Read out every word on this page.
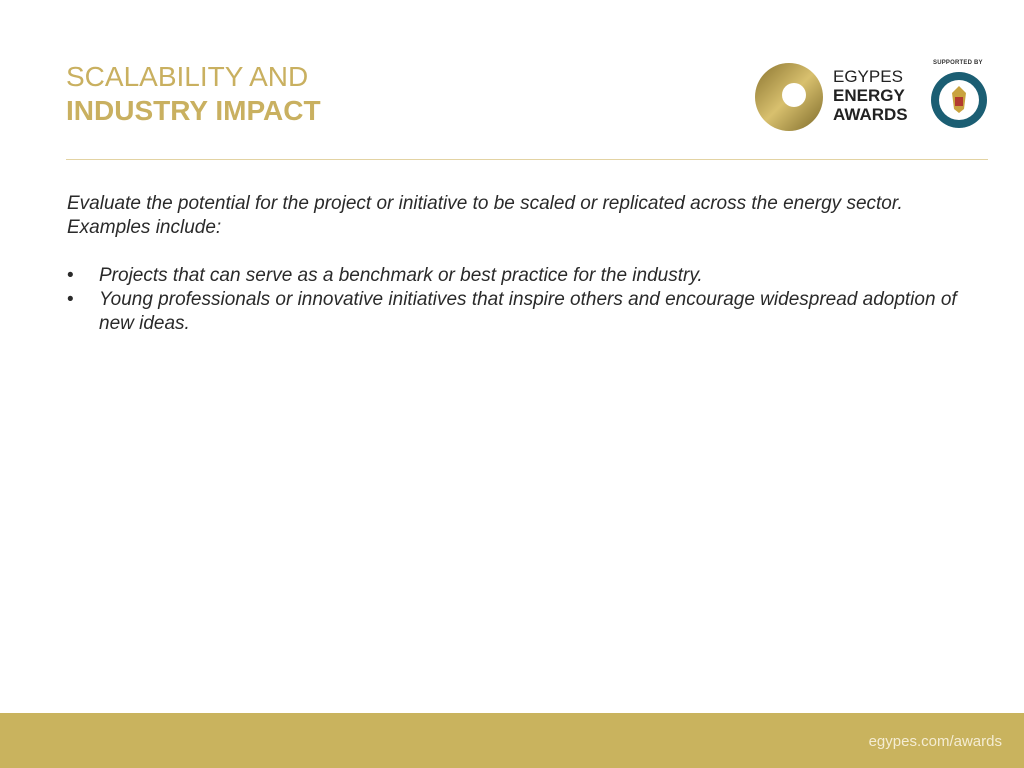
SCALABILITY AND
INDUSTRY IMPACT
EGYPES
ENERGY
AWARDS
SUPPORTED BY

Evaluate the potential for the project or initiative to be scaled or replicated across the energy sector. Examples include:

• Projects that can serve as a benchmark or best practice for the industry.
• Young professionals or innovative initiatives that inspire others and encourage widespread adoption of new ideas.
egypes.com/awards
